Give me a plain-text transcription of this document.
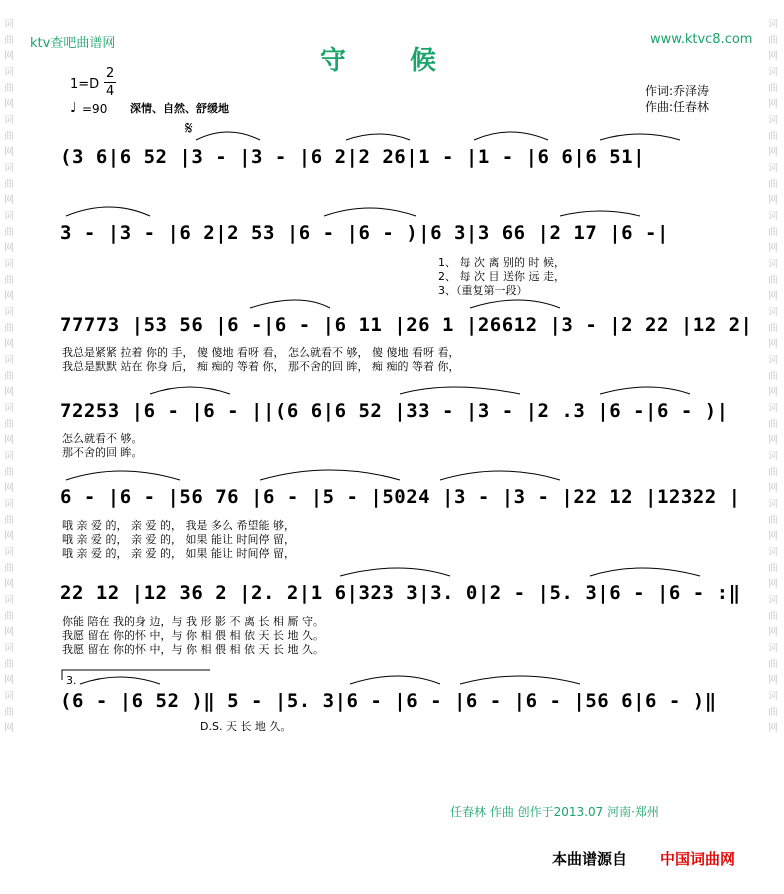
词
曲
网
词
曲
网
词
曲
网
词
曲
网
词
曲
网
词
曲
网
词
曲
网
词
曲
网
词
曲
网
词
曲
网
词
曲
网
词
曲
网
词
曲
网
词
曲
网
词
曲
网
词
曲
网
词
曲
网
词
曲
网
词
曲
网
词
曲
网
词
曲
网
词
曲
网
词
曲
网
词
曲
网
词
曲
网
词
曲
网
词
曲
网
词
曲
网
词
曲
网
词
曲
网
ktv查吧曲谱网	www.ktvc8.com
守候
1=D
2
4
♩ =90 深情、自然、舒缓地
作词:乔泽涛
作曲:任春林
𝄋
(3 6|6 52 |3 - |3 - |6 2|2 26|1 - |1 - |6 6|6 51|
3 - |3 - |6 2|2 53 |6 - |6 - )|6 3|3 66 |2 17 |6 -|
1、 每 次 离 别的 时 候，
2、 每 次 目 送你 远 走，
3、（重复第一段）
77773 |53 56 |6 -|6 - |6 11 |26 1 |26612 |3 - |2 22 |12 2|
我总是紧紧 拉着 你的 手， 傻 傻地 看呀 看， 怎么就看不 够， 傻 傻地 看呀 看，
我总是默默 站在 你身 后， 痴 痴的 等着 你， 那不舍的回 眸， 痴 痴的 等着 你，
72253 |6 - |6 - ||(6 6|6 52 |33 - |3 - |2 .3 |6 -|6 - )|
怎么就看不 够。
那不舍的回 眸。
6 - |6 - |56 76 |6 - |5 - |5024 |3 - |3 - |22 12 |12322 |
哦 亲 爱 的， 亲 爱 的， 我是 多么 希望能 够，
哦 亲 爱 的， 亲 爱 的， 如果 能让 时间停 留，
哦 亲 爱 的， 亲 爱 的， 如果 能让 时间停 留，
22 12 |12 36 2 |2. 2|1 6|323 3|3. 0|2 - |5. 3|6 - |6 - :‖
你能 陪在 我的身 边，与 我 形 影 不 离 长 相 厮 守。
我愿 留在 你的怀 中，与 你 相 偎 相 依 天 长 地 久。
我愿 留在 你的怀 中，与 你 相 偎 相 依 天 长 地 久。
3.
(6 - |6 52 )‖ 5 - |5. 3|6 - |6 - |6 - |6 - |56 6|6 - )‖
D.S. 天 长 地 久。
任春林 作曲 创作于2013.07 河南·郑州
本曲谱源自 中国词曲网
